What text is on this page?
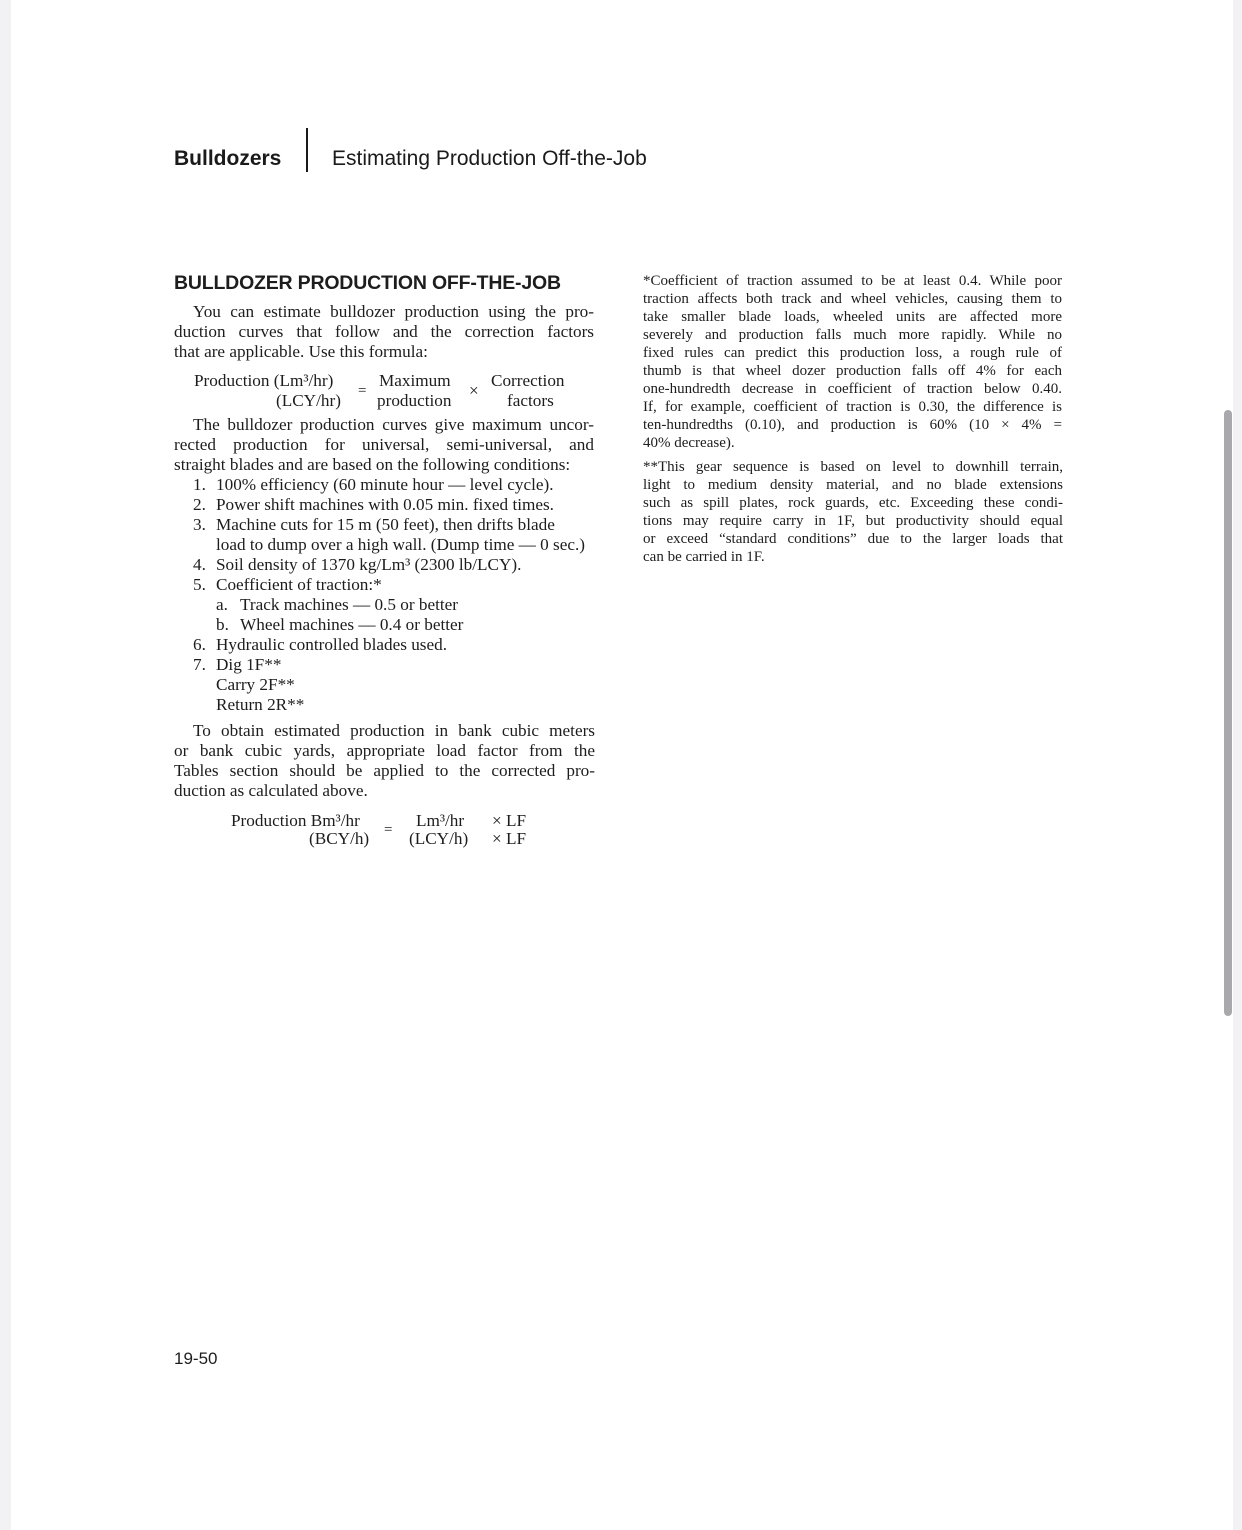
Bulldozers Estimating Production Off-the-Job
BULLDOZER PRODUCTION OFF-THE-JOB
You can estimate bulldozer production using the pro-
duction curves that follow and the correction factors
that are applicable. Use this formula:
Production (Lm³/hr)
(LCY/hr) =
Maximum
production
×
Correction
factors
The bulldozer production curves give maximum uncor-
rected production for universal, semi-universal, and
straight blades and are based on the following conditions:
1. 100% efficiency (60 minute hour — level cycle).
2. Power shift machines with 0.05 min. fixed times.
3. Machine cuts for 15 m (50 feet), then drifts blade
load to dump over a high wall. (Dump time — 0 sec.)
4. Soil density of 1370 kg/Lm³ (2300 lb/LCY).
5. Coefficient of traction:*
a. Track machines — 0.5 or better
b. Wheel machines — 0.4 or better
6. Hydraulic controlled blades used.
7. Dig 1F**
Carry 2F**
Return 2R**
To obtain estimated production in bank cubic meters
or bank cubic yards, appropriate load factor from the
Tables section should be applied to the corrected pro-
duction as calculated above.
Production Bm³/hr
(BCY/h) = Lm³/hr
(LCY/h)
× LF
× LF
*Coefficient of traction assumed to be at least 0.4. While poor
traction affects both track and wheel vehicles, causing them to
take smaller blade loads, wheeled units are affected more
severely and production falls much more rapidly. While no
fixed rules can predict this production loss, a rough rule of
thumb is that wheel dozer production falls off 4% for each
one-hundredth decrease in coefficient of traction below 0.40.
If, for example, coefficient of traction is 0.30, the difference is
ten-hundredths (0.10), and production is 60% (10 × 4% =
40% decrease).
**This gear sequence is based on level to downhill terrain,
light to medium density material, and no blade extensions
such as spill plates, rock guards, etc. Exceeding these condi-
tions may require carry in 1F, but productivity should equal
or exceed “standard conditions” due to the larger loads that
can be carried in 1F.
19-50
